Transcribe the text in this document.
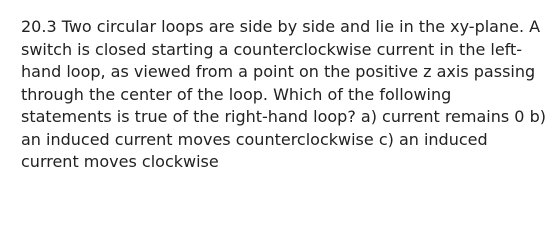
20.3 Two circular loops are side by side and lie in the xy-plane. A switch is closed starting a counterclockwise current in the left-hand loop, as viewed from a point on the positive z axis passing through the center of the loop. Which of the following statements is true of the right-hand loop? a) current remains 0 b) an induced current moves counterclockwise c) an induced current moves clockwise
